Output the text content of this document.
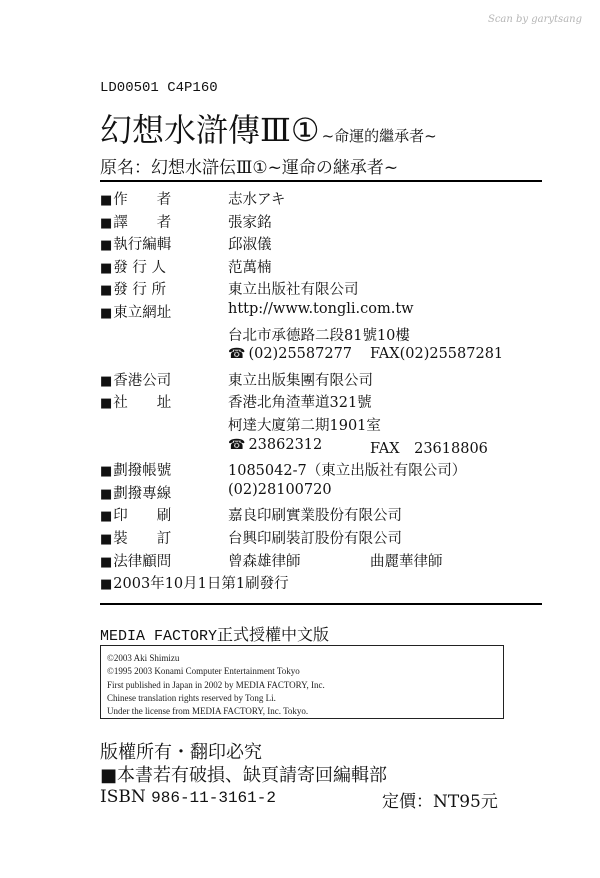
Scan by garytsang
LD00501 C4P160
幻想水滸傳Ⅲ① ~命運的繼承者~
原名：幻想水滸伝Ⅲ①~運命の継承者~
■ 作　　者	志水アキ
■ 譯　　者	張家銘
■ 執行編輯	邱淑儀
■ 發 行 人	范萬楠
■ 發 行 所	東立出版社有限公司
■ 東立網址	http://www.tongli.com.tw
台北市承德路二段81號10樓
☎ (02)25587277 FAX(02)25587281
■ 香港公司	東立出版集團有限公司
■ 社　　址	香港北角渣華道321號
柯達大廈第二期1901室
☎ 23862312	FAX　23618806
■ 劃撥帳號	1085042-7（東立出版社有限公司）
■ 劃撥專線	(02)28100720
■ 印　　刷	嘉良印刷實業股份有限公司
■ 裝　　訂	台興印刷裝訂股份有限公司
■ 法律顧問	曾森雄律師	曲麗華律師
■ 2003年10月1日第1刷發行
MEDIA FACTORY正式授權中文版
©2003 Aki Shimizu
©1995 2003 Konami Computer Entertainment Tokyo
First published in Japan in 2002 by MEDIA FACTORY, Inc.
Chinese translation rights reserved by Tong Li.
Under the license from MEDIA FACTORY, Inc. Tokyo.
版權所有・翻印必究
■本書若有破損、缺頁請寄回編輯部
ISBN 986-11-3161-2	定價：NT95元
